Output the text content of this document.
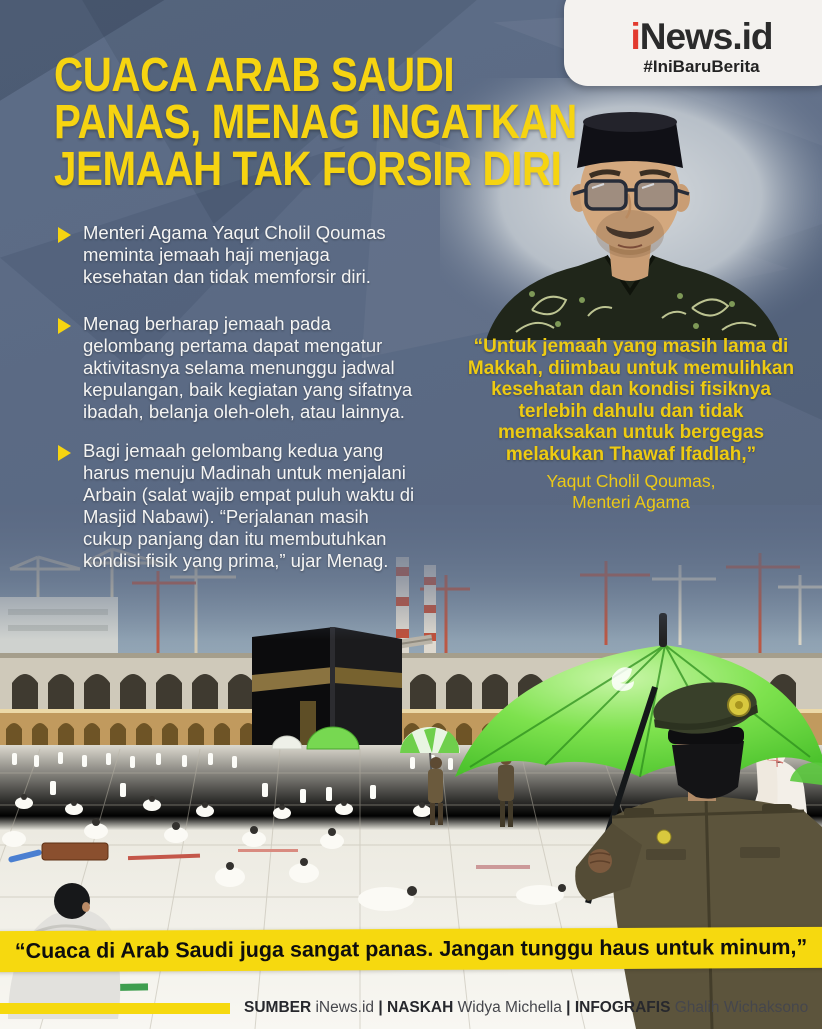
iNews.id
#IniBaruBerita
CUACA ARAB SAUDI
PANAS, MENAG INGATKAN
JEMAAH TAK FORSIR DIRI

Menteri Agama Yaqut Cholil Qoumas meminta jemaah haji menjaga kesehatan dan tidak memforsir diri.

Menag berharap jemaah pada gelombang pertama dapat mengatur aktivitasnya selama menunggu jadwal kepulangan, baik kegiatan yang sifatnya ibadah, belanja oleh-oleh, atau lainnya.

Bagi jemaah gelombang kedua yang harus menuju Madinah untuk menjalani Arbain (salat wajib empat puluh waktu di Masjid Nabawi). “Perjalanan masih cukup panjang dan itu membutuhkan kondisi fisik yang prima,” ujar Menag.

“Untuk jemaah yang masih lama di Makkah, diimbau untuk memulihkan kesehatan dan kondisi fisiknya terlebih dahulu dan tidak memaksakan untuk bergegas melakukan Thawaf Ifadlah,”

Yaqut Cholil Qoumas,

Menteri Agama

“Cuaca di Arab Saudi juga sangat panas. Jangan tunggu haus untuk minum,”

SUMBER iNews.id | NASKAH Widya Michella | INFOGRAFIS Ghalih Wichaksono
